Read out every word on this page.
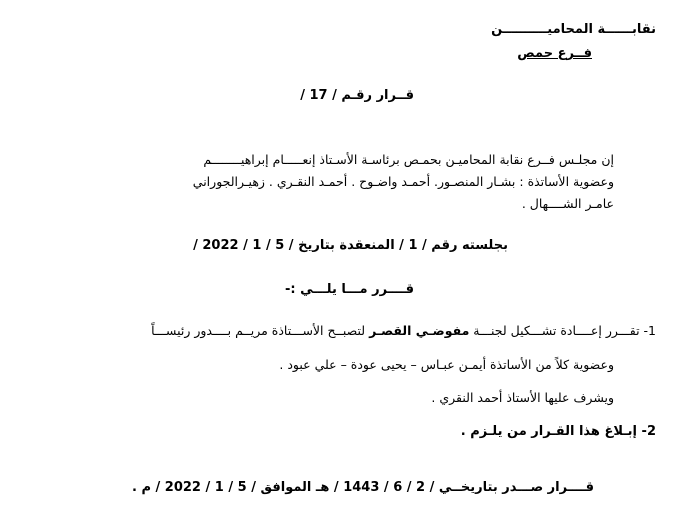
نقابــــــة المحاميــــــــــن
فــرع حمص
قــرار رقـم / 17 /
إن مجلـس فــرع نقابة المحاميـن بحمـص برئاسـة الأسـتاذ إنعـــــام إبراهيــــــــم
وعضوية الأساتذة : بشـار المنصـور. أحمـد واضـوح . أحمـد النقـري . زهيـرالجوراني
عامـر الشــــهال .
بجلسته رقم / 1 / المنعقدة بتاريخ / 5 / 1 / 2022 /
قــــرر مـــا يلـــي :-
1- تقـــرر إعــــادة تشـــكيل لجنـــة مفوضـي القصـر لتصبــح الأســـتاذة مريــم بــــدور رئيســـاً
وعضوية كلاً من الأساتذة أيمـن عبـاس – يحيى عودة – علي عبود .
ويشرف عليها الأستاذ أحمد النقري .
2- إبـلاغ هذا القـرار من يلـزم .
قــــرار صـــدر بتاريخــي / 2 / 6 / 1443 / هـ الموافق / 5 / 1 / 2022 / م .
